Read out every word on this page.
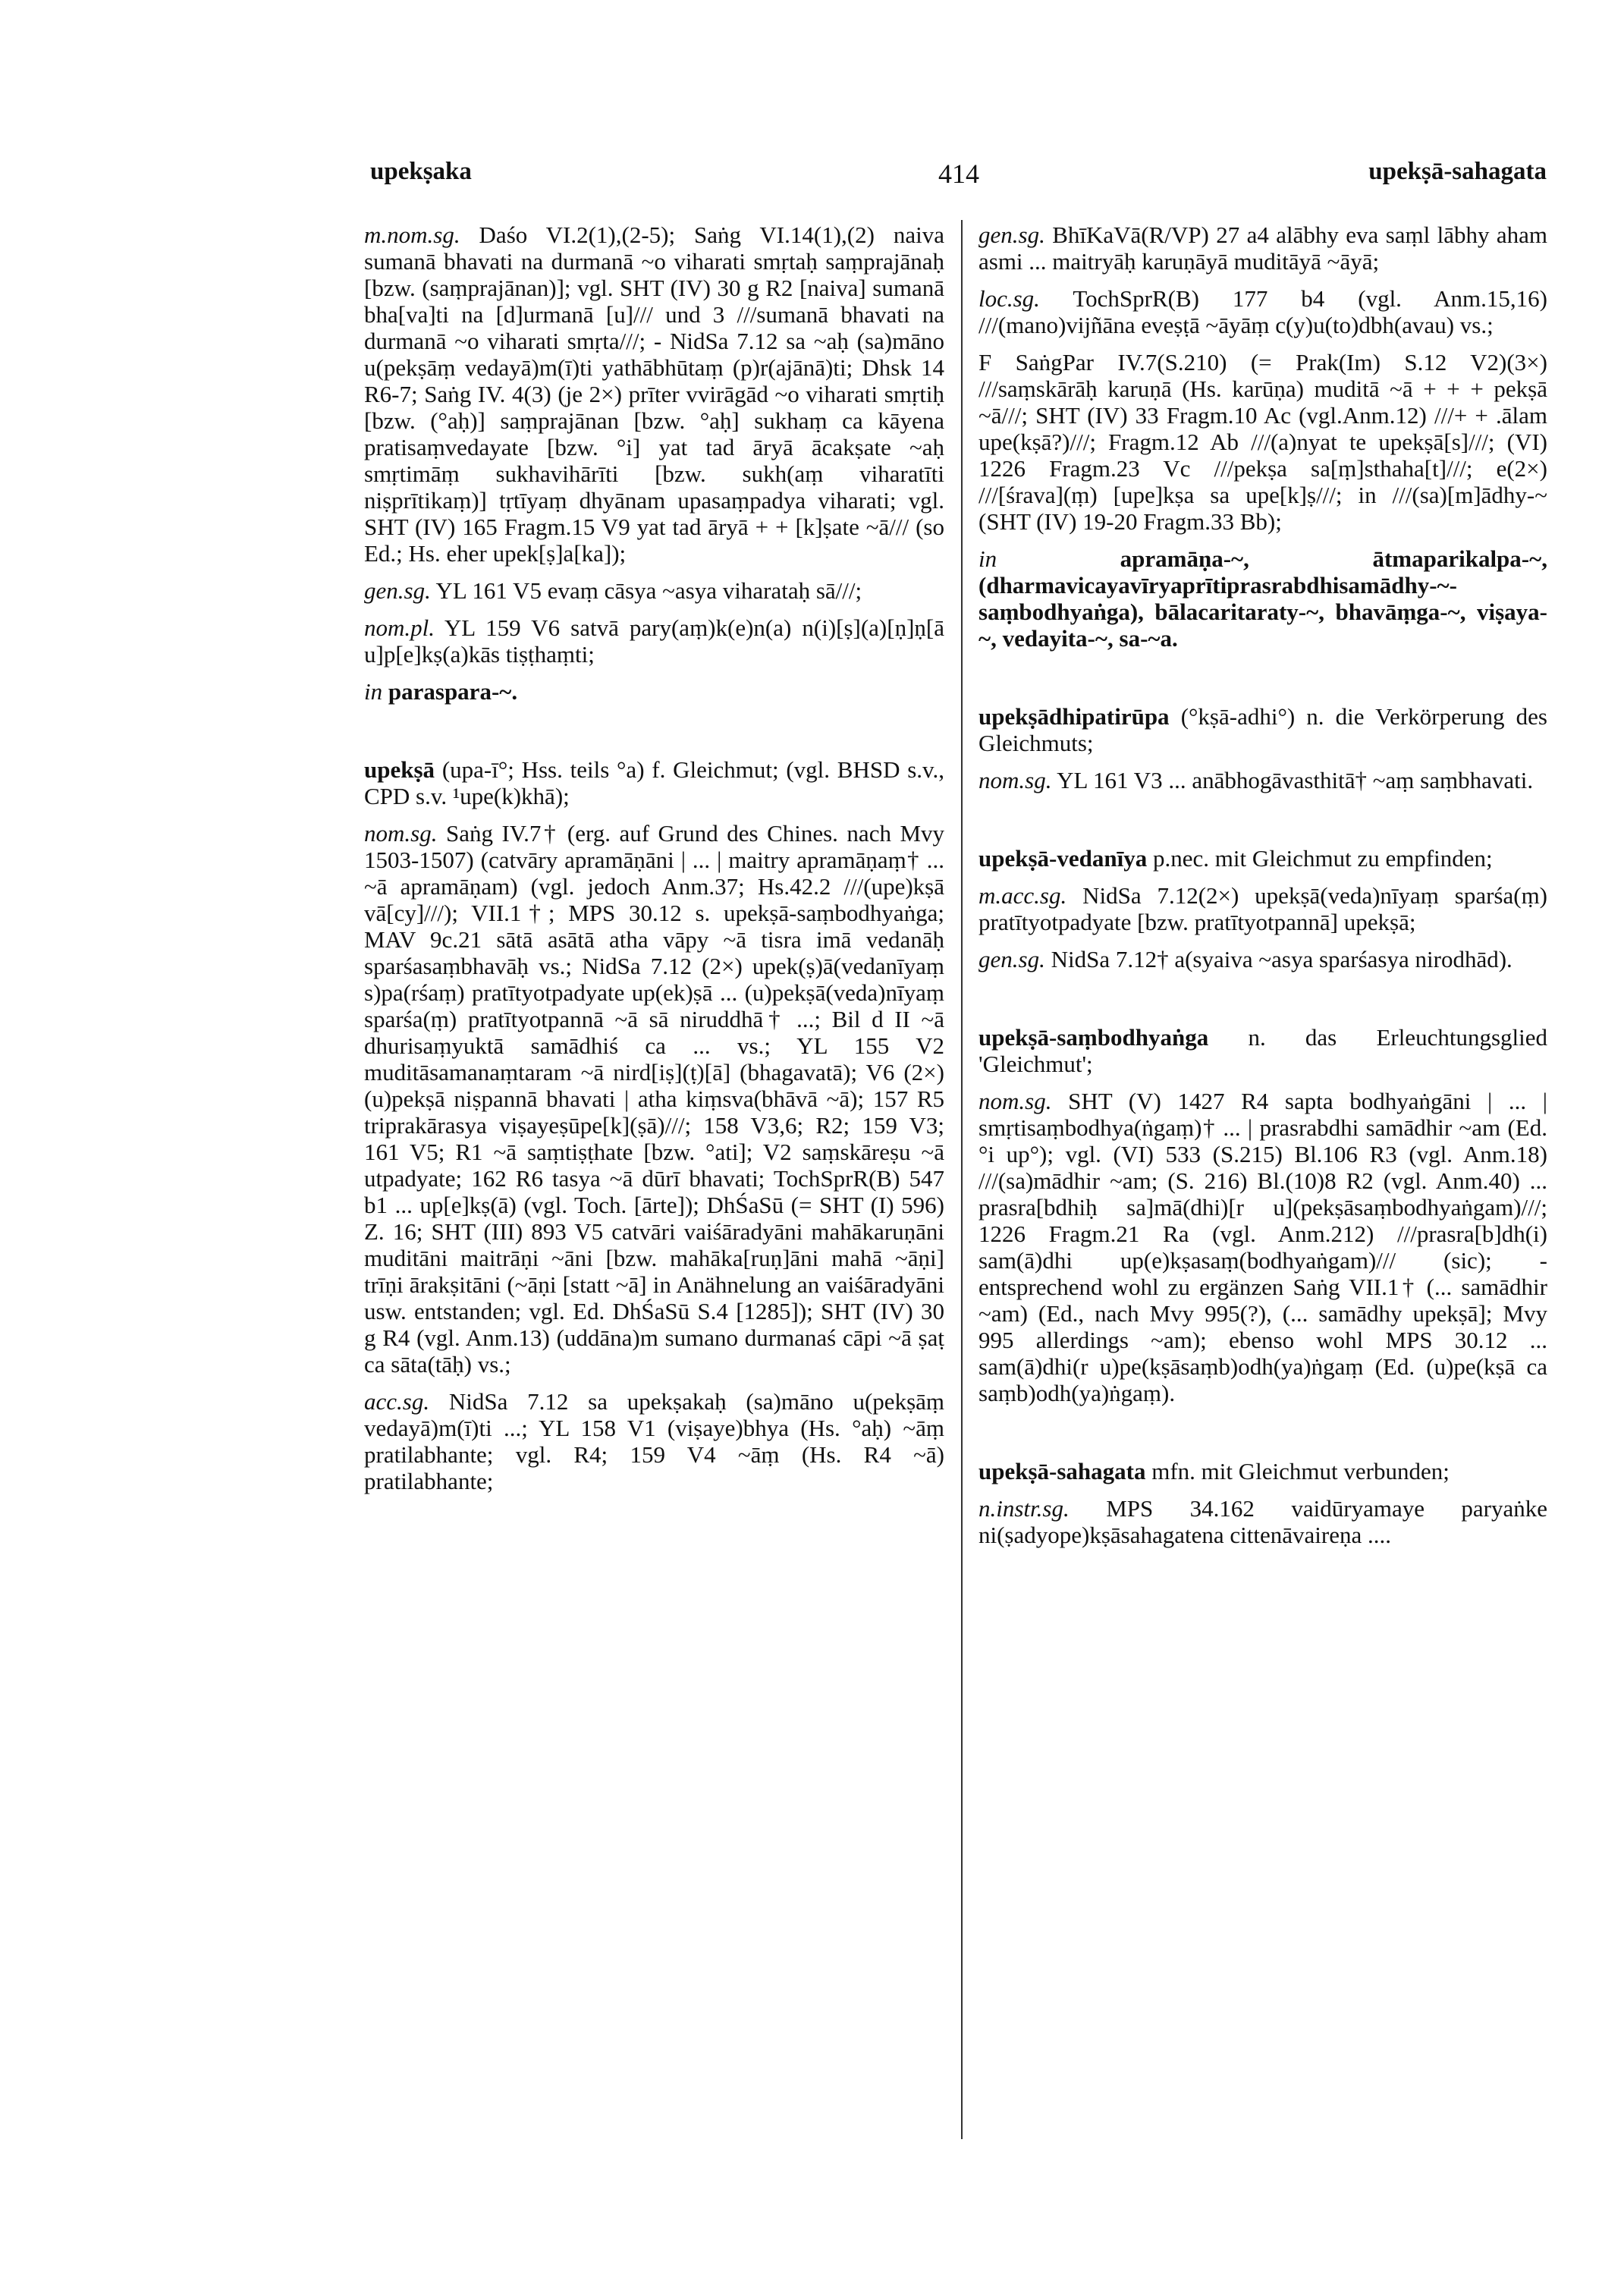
upekṣaka	414	upekṣā-sahagata
m.nom.sg. Daśo VI.2(1),(2-5); Saṅg VI.14(1),(2) naiva sumanā bhavati na durmanā ~o viharati smṛtaḥ saṃprajānaḥ [bzw. (saṃprajānan)]; vgl. SHT (IV) 30 g R2 [naiva] sumanā bha[va]ti na [d]urmanā [u]/// und 3 ///sumanā bhavati na durmanā ~o viharati smṛta///; - NidSa 7.12 sa ~aḥ (sa)māno u(pekṣāṃ vedayā)m(ī)ti yathābhūtaṃ (p)r(ajānā)ti; Dhsk 14 R6-7; Saṅg IV. 4(3) (je 2×) prīter vvirāgād ~o viharati smṛtiḥ [bzw. (°aḥ)] saṃprajānan [bzw. °aḥ] sukhaṃ ca kāyena pratisaṃvedayate [bzw. °i] yat tad āryā ācakṣate ~aḥ smṛtimāṃ sukhavihārīti [bzw. sukh(aṃ viharatīti niṣprītikaṃ)] tṛtīyaṃ dhyānam upasaṃpadya viharati; vgl. SHT (IV) 165 Fragm.15 V9 yat tad āryā + + [k]ṣate ~ā/// (so Ed.; Hs. eher upek[ṣ]a[ka]);
gen.sg. YL 161 V5 evaṃ cāsya ~asya viharataḥ sā///;
nom.pl. YL 159 V6 satvā pary(aṃ)k(e)n(a) n(i)[ṣ](a)[ṇ]ṇ[ā u]p[e]kṣ(a)kās tiṣṭhaṃti;
in paraspara-~.
upekṣā (upa-ī°; Hss. teils °a) f. Gleichmut; (vgl. BHSD s.v., CPD s.v. ¹upe(k)khā);
nom.sg. Saṅg IV.7† (erg. auf Grund des Chines. nach Mvy 1503-1507) (catvāry apramāṇāni | ... | maitry apramāṇaṃ† ... ~ā apramāṇam) (vgl. jedoch Anm.37; Hs.42.2 ///(upe)kṣā vā[cy]///); VII.1†; MPS 30.12 s. upekṣā-saṃbodhyaṅga; MAV 9c.21 sātā asātā atha vāpy ~ā tisra imā vedanāḥ sparśasaṃbhavāḥ vs.; NidSa 7.12 (2×) upek(ṣ)ā(vedanīyaṃ s)pa(rśaṃ) pratītyotpadyate up(ek)ṣā ... (u)pekṣā(veda)nīyaṃ sparśa(ṃ) pratītyotpannā ~ā sā niruddhā† ...; Bil d II ~ā dhurisaṃyuktā samādhiś ca ... vs.; YL 155 V2 muditāsamanaṃtaram ~ā nird[iṣ](ṭ)[ā] (bhagavatā); V6 (2×) (u)pekṣā niṣpannā bhavati | atha kiṃsva(bhāvā ~ā); 157 R5 triprakārasya viṣayeṣūpe[k](ṣā)///; 158 V3,6; R2; 159 V3; 161 V5; R1 ~ā saṃtiṣṭhate [bzw. °ati]; V2 saṃskāreṣu ~ā utpadyate; 162 R6 tasya ~ā dūrī bhavati; TochSprR(B) 547 b1 ... up[e]kṣ(ā) (vgl. Toch. [ārte]); DhŚaSū (= SHT (I) 596) Z. 16; SHT (III) 893 V5 catvāri vaiśāradyāni mahākaruṇāni muditāni maitrāṇi ~āni [bzw. mahāka[ruṇ]āni mahā ~āṇi] trīṇi ārakṣitāni (~āṇi [statt ~ā] in Anähnelung an vaiśāradyāni usw. entstanden; vgl. Ed. DhŚaSū S.4 [1285]); SHT (IV) 30 g R4 (vgl. Anm.13) (uddāna)m sumano durmanaś cāpi ~ā ṣaṭ ca sāta(tāḥ) vs.;
acc.sg. NidSa 7.12 sa upekṣakaḥ (sa)māno u(pekṣāṃ vedayā)m(ī)ti ...; YL 158 V1 (viṣaye)bhya (Hs. °aḥ) ~āṃ pratilabhante; vgl. R4; 159 V4 ~āṃ (Hs. R4 ~ā) pratilabhante;
gen.sg. BhīKaVā(R/VP) 27 a4 alābhy eva saṃl lābhy aham asmi ... maitryāḥ karuṇāyā muditāyā ~āyā;
loc.sg. TochSprR(B) 177 b4 (vgl. Anm.15,16) ///(mano)vijñāna eveṣṭā ~āyāṃ c(y)u(to)dbh(avau) vs.;
F SaṅgPar IV.7(S.210) (= Prak(Im) S.12 V2)(3×) ///saṃskārāḥ karuṇā (Hs. karūṇa) muditā ~ā + + + pekṣā ~ā///; SHT (IV) 33 Fragm.10 Ac (vgl.Anm.12) ///+ + .ālam upe(kṣā?)///; Fragm.12 Ab ///(a)nyat te upekṣā[s]///; (VI) 1226 Fragm.23 Vc ///pekṣa sa[ṃ]sthaha[t]///; e(2×) ///[śrava](ṃ) [upe]kṣa sa upe[k]ṣ///; in ///(sa)[m]ādhy-~ (SHT (IV) 19-20 Fragm.33 Bb);
in	apramāṇa-~, ātmaparikalpa-~, (dharmavicayavīryaprītiprasrabdhisamādhy-~-saṃbodhyaṅga), bālacaritaraty-~, bhavāṃga-~, viṣaya-~, vedayita-~, sa-~a.
upekṣādhipatirūpa (°kṣā-adhi°) n. die Verkörperung des Gleichmuts;
nom.sg. YL 161 V3 ... anābhogāvasthitā† ~aṃ saṃbhavati.
upekṣā-vedanīya p.nec. mit Gleichmut zu empfinden;
m.acc.sg. NidSa 7.12(2×) upekṣā(veda)nīyaṃ sparśa(ṃ) pratītyotpadyate [bzw. pratītyotpannā] upekṣā;
gen.sg. NidSa 7.12† a(syaiva ~asya sparśasya nirodhād).
upekṣā-saṃbodhyaṅga n. das Erleuchtungsglied 'Gleichmut';
nom.sg. SHT (V) 1427 R4 sapta bodhyaṅgāni | ... | smṛtisaṃbodhya(ṅgaṃ)† ... | prasrabdhi samādhir ~am (Ed. °i up°); vgl. (VI) 533 (S.215) Bl.106 R3 (vgl. Anm.18) ///(sa)mādhir ~am; (S. 216) Bl.(10)8 R2 (vgl. Anm.40) ... prasra[bdhiḥ sa]mā(dhi)[r u](pekṣāsaṃbodhyaṅgam)///; 1226 Fragm.21 Ra (vgl. Anm.212) ///prasra[b]dh(i) sam(ā)dhi up(e)kṣasaṃ(bodhyaṅgam)/// (sic); - entsprechend wohl zu ergänzen Saṅg VII.1† (... samādhir ~am) (Ed., nach Mvy 995(?), (... samādhy upekṣā]; Mvy 995 allerdings ~am); ebenso wohl MPS 30.12 ... sam(ā)dhi(r u)pe(kṣāsaṃb)odh(ya)ṅgaṃ (Ed. (u)pe(kṣā ca saṃb)odh(ya)ṅgaṃ).
upekṣā-sahagata mfn. mit Gleichmut verbunden;
n.instr.sg. MPS 34.162 vaidūryamaye paryaṅke ni(ṣadyope)kṣāsahagatena cittenāvaireṇa ....
